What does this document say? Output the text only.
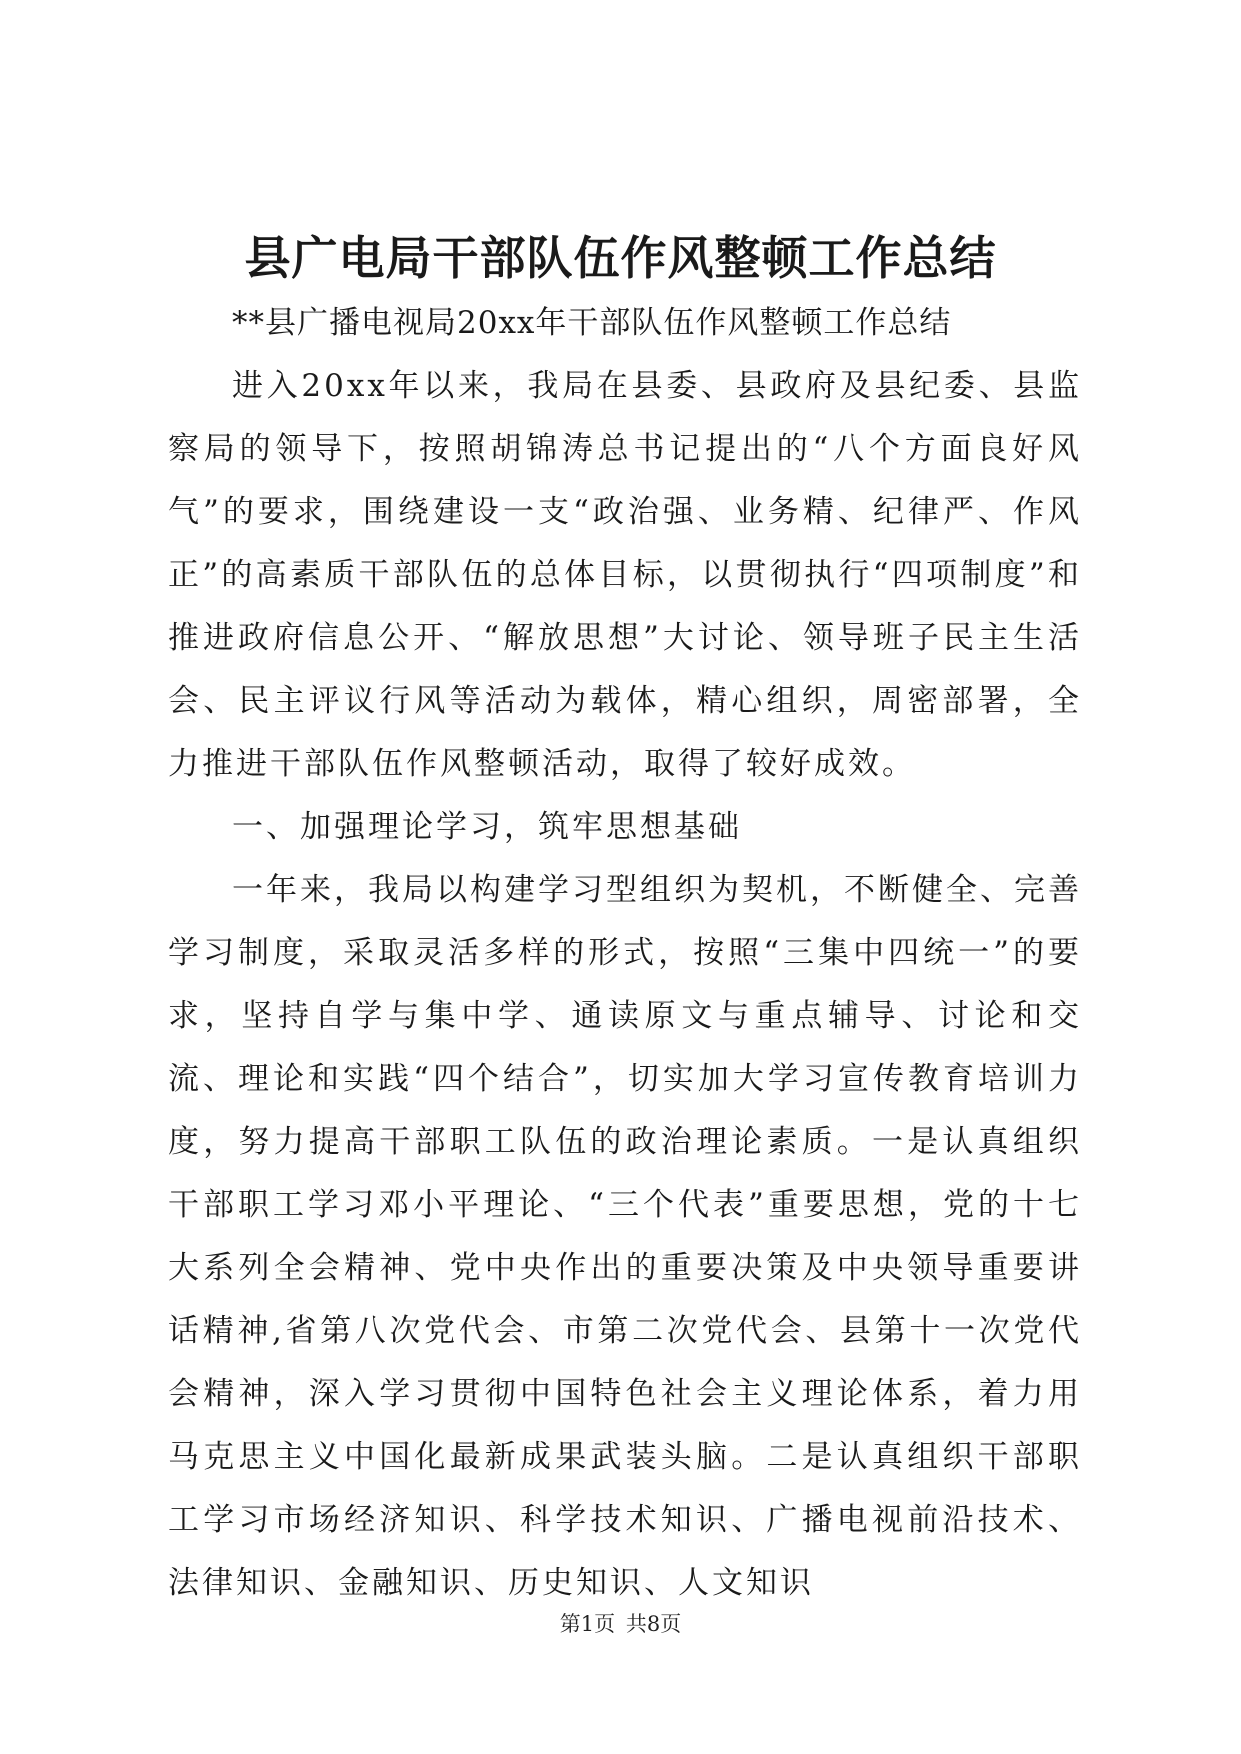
县广电局干部队伍作风整顿工作总结

**县广播电视局20xx年干部队伍作风整顿工作总结

进入20xx年以来，我局在县委、县政府及县纪委、县监察局的领导下，按照胡锦涛总书记提出的“八个方面良好风气”的要求，围绕建设一支“政治强、业务精、纪律严、作风正”的高素质干部队伍的总体目标，以贯彻执行“四项制度”和推进政府信息公开、“解放思想”大讨论、领导班子民主生活会、民主评议行风等活动为载体，精心组织，周密部署，全力推进干部队伍作风整顿活动，取得了较好成效。

一、加强理论学习，筑牢思想基础

一年来，我局以构建学习型组织为契机，不断健全、完善学习制度，采取灵活多样的形式，按照“三集中四统一”的要求，坚持自学与集中学、通读原文与重点辅导、讨论和交流、理论和实践“四个结合”，切实加大学习宣传教育培训力度，努力提高干部职工队伍的政治理论素质。一是认真组织干部职工学习邓小平理论、“三个代表”重要思想，党的十七大系列全会精神、党中央作出的重要决策及中央领导重要讲话精神,省第八次党代会、市第二次党代会、县第十一次党代会精神，深入学习贯彻中国特色社会主义理论体系，着力用马克思主义中国化最新成果武装头脑。二是认真组织干部职工学习市场经济知识、科学技术知识、广播电视前沿技术、法律知识、金融知识、历史知识、人文知识

第1页 共8页
